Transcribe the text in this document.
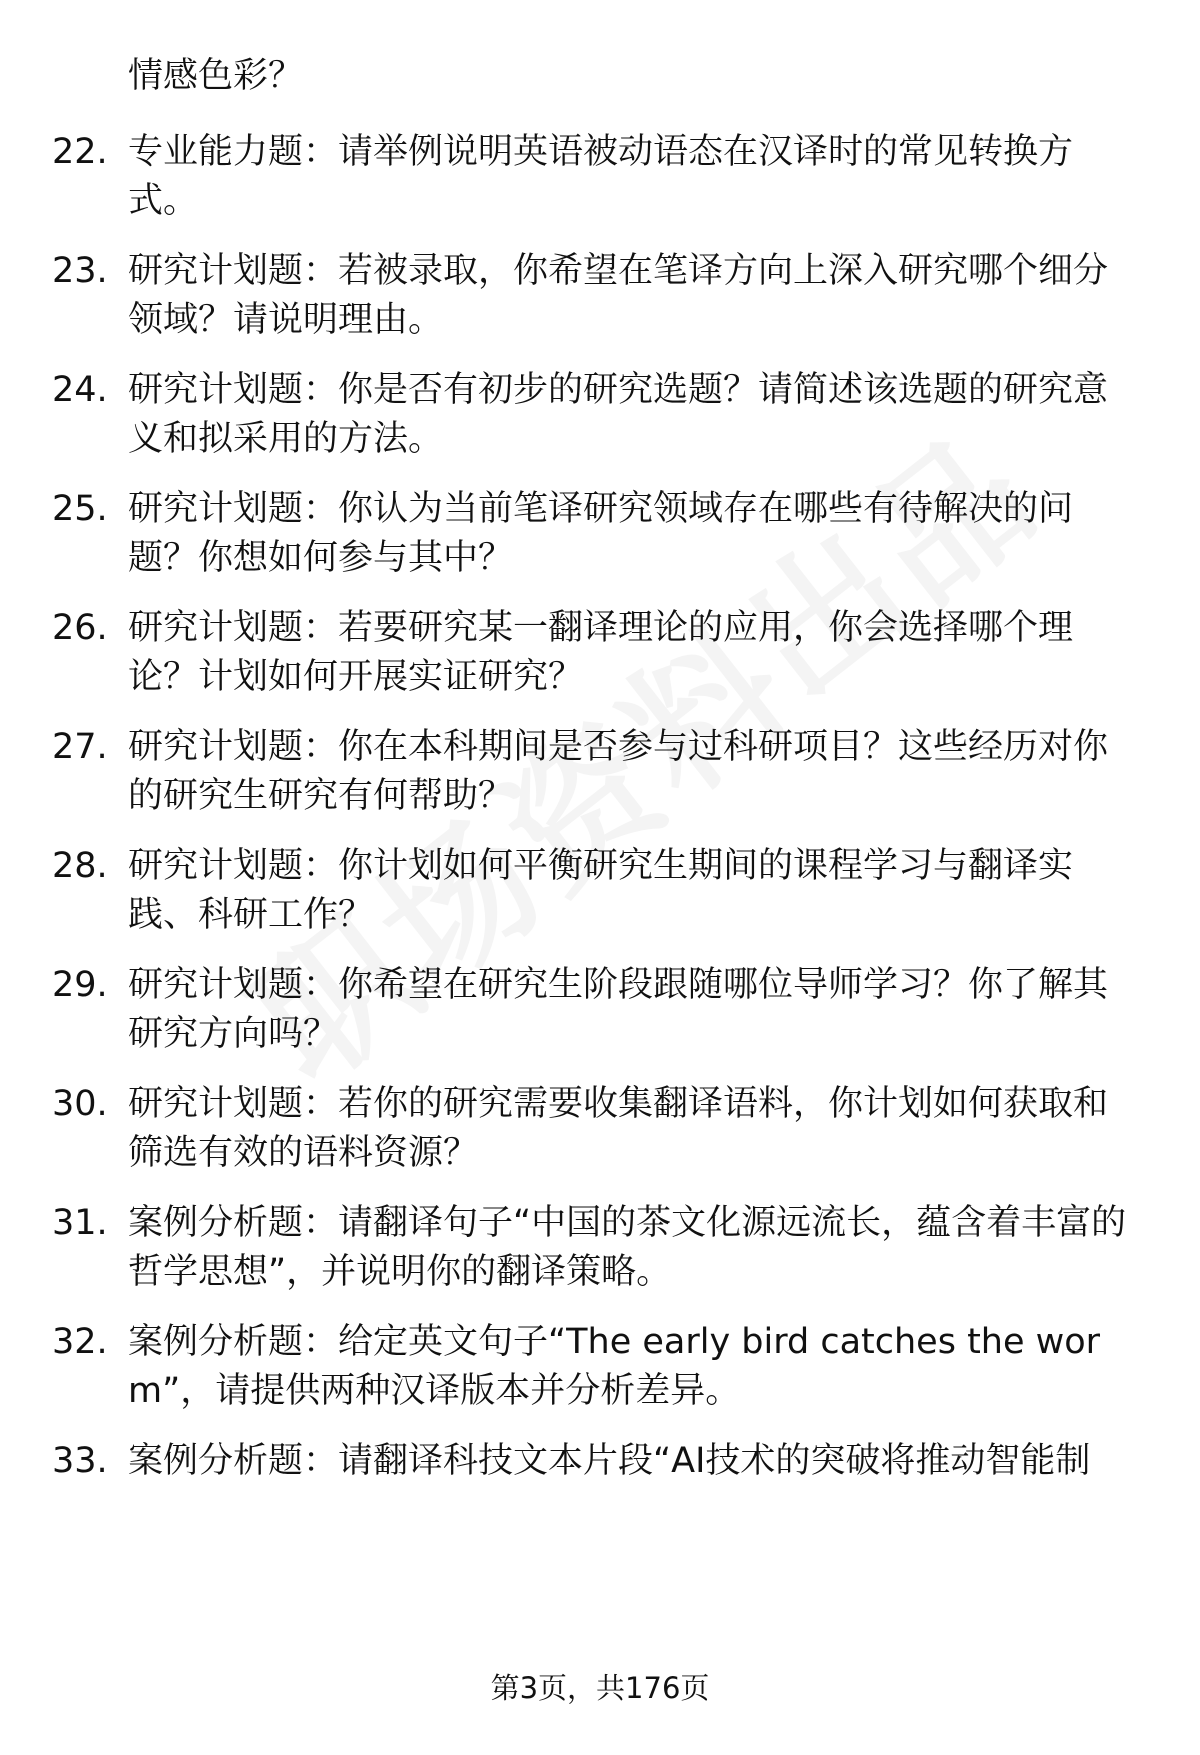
情感色彩？
22. 专业能力题：请举例说明英语被动语态在汉译时的常见转换方式。
23. 研究计划题：若被录取，你希望在笔译方向上深入研究哪个细分领域？请说明理由。
24. 研究计划题：你是否有初步的研究选题？请简述该选题的研究意义和拟采用的方法。
25. 研究计划题：你认为当前笔译研究领域存在哪些有待解决的问题？你想如何参与其中？
26. 研究计划题：若要研究某一翻译理论的应用，你会选择哪个理论？计划如何开展实证研究？
27. 研究计划题：你在本科期间是否参与过科研项目？这些经历对你的研究生研究有何帮助？
28. 研究计划题：你计划如何平衡研究生期间的课程学习与翻译实践、科研工作？
29. 研究计划题：你希望在研究生阶段跟随哪位导师学习？你了解其研究方向吗？
30. 研究计划题：若你的研究需要收集翻译语料，你计划如何获取和筛选有效的语料资源？
31. 案例分析题：请翻译句子“中国的茶文化源远流长，蕴含着丰富的哲学思想”，并说明你的翻译策略。
32. 案例分析题：给定英文句子“The early bird catches the worm”，请提供两种汉译版本并分析差异。
33. 案例分析题：请翻译科技文本片段“AI技术的突破将推动智能制
第3页，共176页
